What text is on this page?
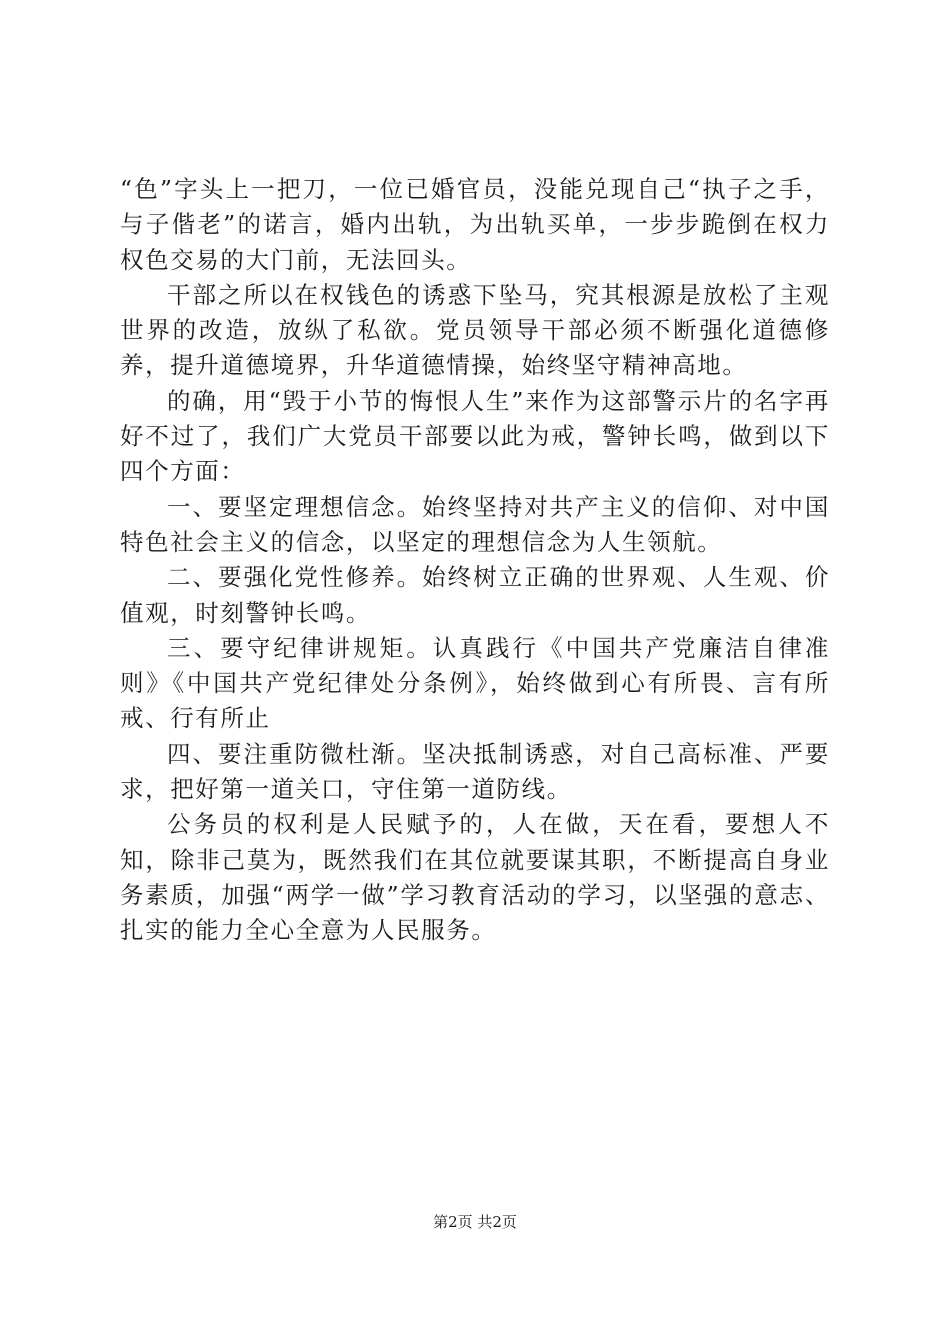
“色”字头上一把刀，一位已婚官员，没能兑现自己“执子之手，与子偕老”的诺言，婚内出轨，为出轨买单，一步步跪倒在权力权色交易的大门前，无法回头。

干部之所以在权钱色的诱惑下坠马，究其根源是放松了主观世界的改造，放纵了私欲。党员领导干部必须不断强化道德修养，提升道德境界，升华道德情操，始终坚守精神高地。

的确，用“毁于小节的悔恨人生”来作为这部警示片的名字再好不过了，我们广大党员干部要以此为戒，警钟长鸣，做到以下四个方面：

一、要坚定理想信念。始终坚持对共产主义的信仰、对中国特色社会主义的信念，以坚定的理想信念为人生领航。

二、要强化党性修养。始终树立正确的世界观、人生观、价值观，时刻警钟长鸣。

三、要守纪律讲规矩。认真践行《中国共产党廉洁自律准则》《中国共产党纪律处分条例》，始终做到心有所畏、言有所戒、行有所止

四、要注重防微杜渐。坚决抵制诱惑，对自己高标准、严要求，把好第一道关口，守住第一道防线。

公务员的权利是人民赋予的，人在做，天在看，要想人不知，除非己莫为，既然我们在其位就要谋其职，不断提高自身业务素质，加强“两学一做”学习教育活动的学习，以坚强的意志、扎实的能力全心全意为人民服务。

第2页 共2页
